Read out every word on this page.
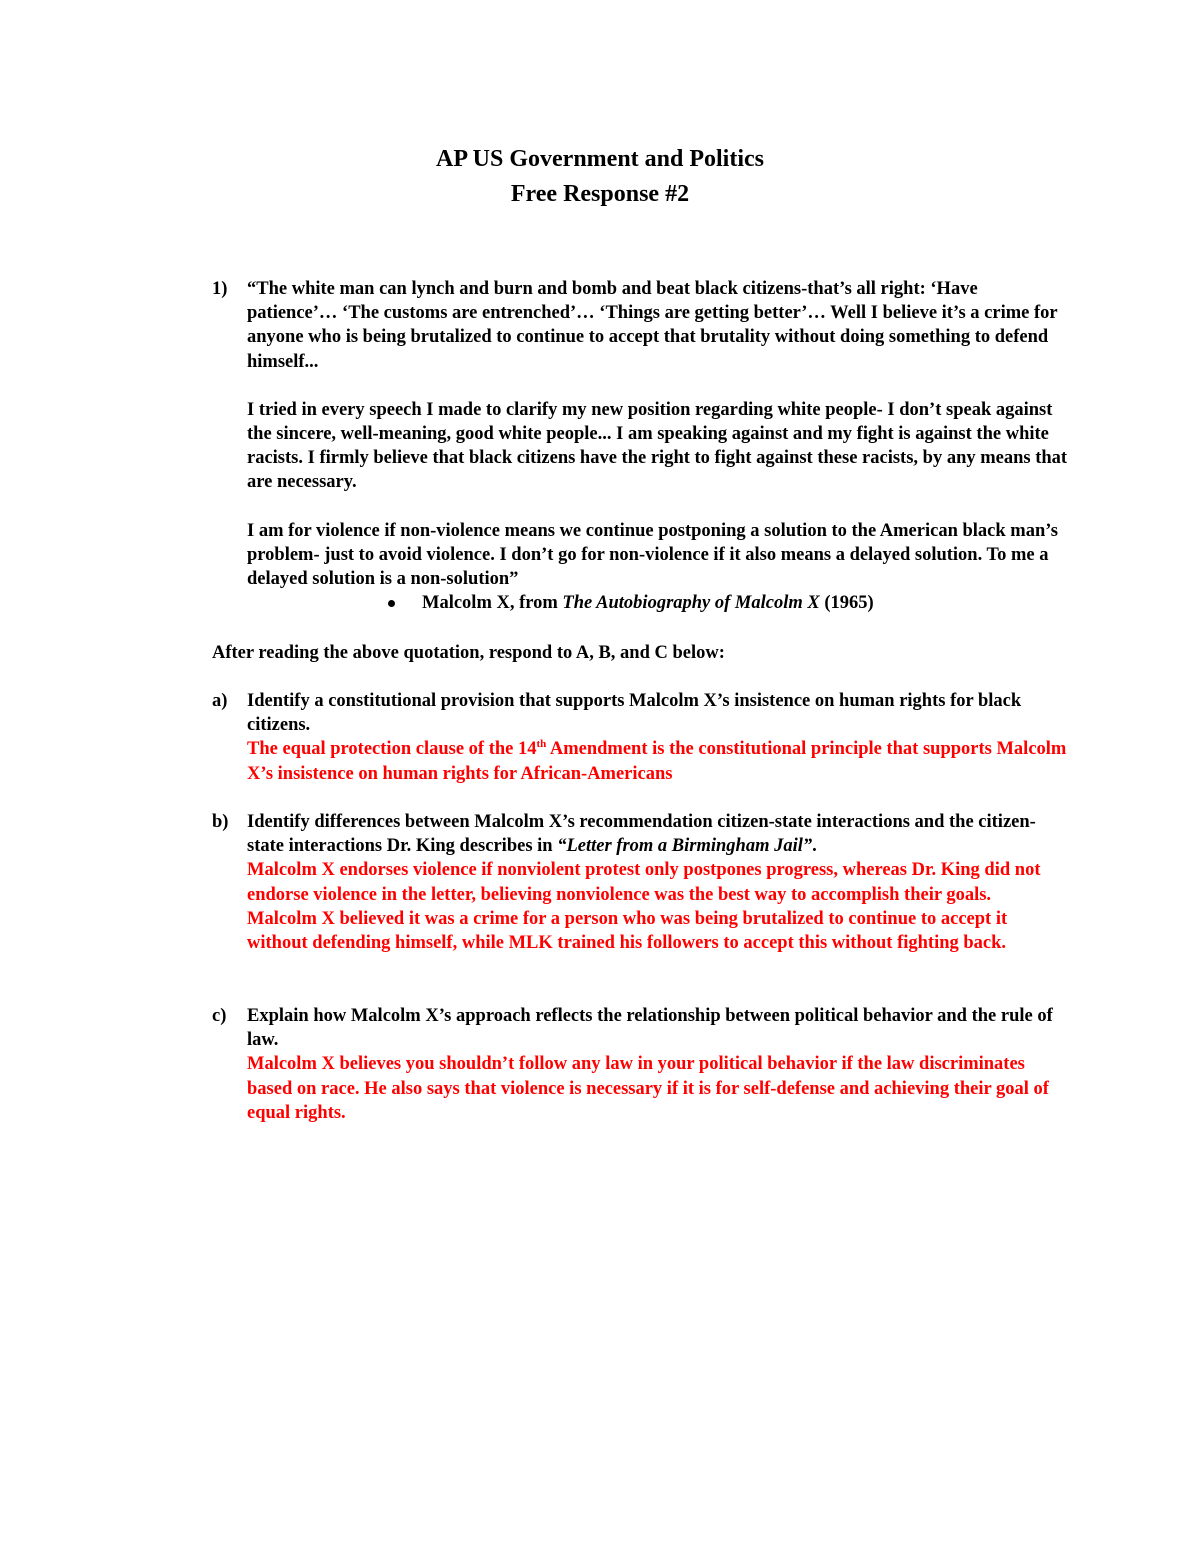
AP US Government and Politics
Free Response #2
1) “The white man can lynch and burn and bomb and beat black citizens-that’s all right: ‘Have patience’… ‘The customs are entrenched’… ‘Things are getting better’… Well I believe it’s a crime for anyone who is being brutalized to continue to accept that brutality without doing something to defend himself...

I tried in every speech I made to clarify my new position regarding white people- I don’t speak against the sincere, well-meaning, good white people... I am speaking against and my fight is against the white racists. I firmly believe that black citizens have the right to fight against these racists, by any means that are necessary.

I am for violence if non-violence means we continue postponing a solution to the American black man’s problem- just to avoid violence. I don’t go for non-violence if it also means a delayed solution. To me a delayed solution is a non-solution”

Malcolm X, from The Autobiography of Malcolm X (1965)
After reading the above quotation, respond to A, B, and C below:
a) Identify a constitutional provision that supports Malcolm X’s insistence on human rights for black citizens.

The equal protection clause of the 14th Amendment is the constitutional principle that supports Malcolm X’s insistence on human rights for African-Americans

b) Identify differences between Malcolm X’s recommendation citizen-state interactions and the citizen-state interactions Dr. King describes in “Letter from a Birmingham Jail”.

Malcolm X endorses violence if nonviolent protest only postpones progress, whereas Dr. King did not endorse violence in the letter, believing nonviolence was the best way to accomplish their goals.

Malcolm X believed it was a crime for a person who was being brutalized to continue to accept it without defending himself, while MLK trained his followers to accept this without fighting back.

c) Explain how Malcolm X’s approach reflects the relationship between political behavior and the rule of law.

Malcolm X believes you shouldn’t follow any law in your political behavior if the law discriminates based on race. He also says that violence is necessary if it is for self-defense and achieving their goal of equal rights.
